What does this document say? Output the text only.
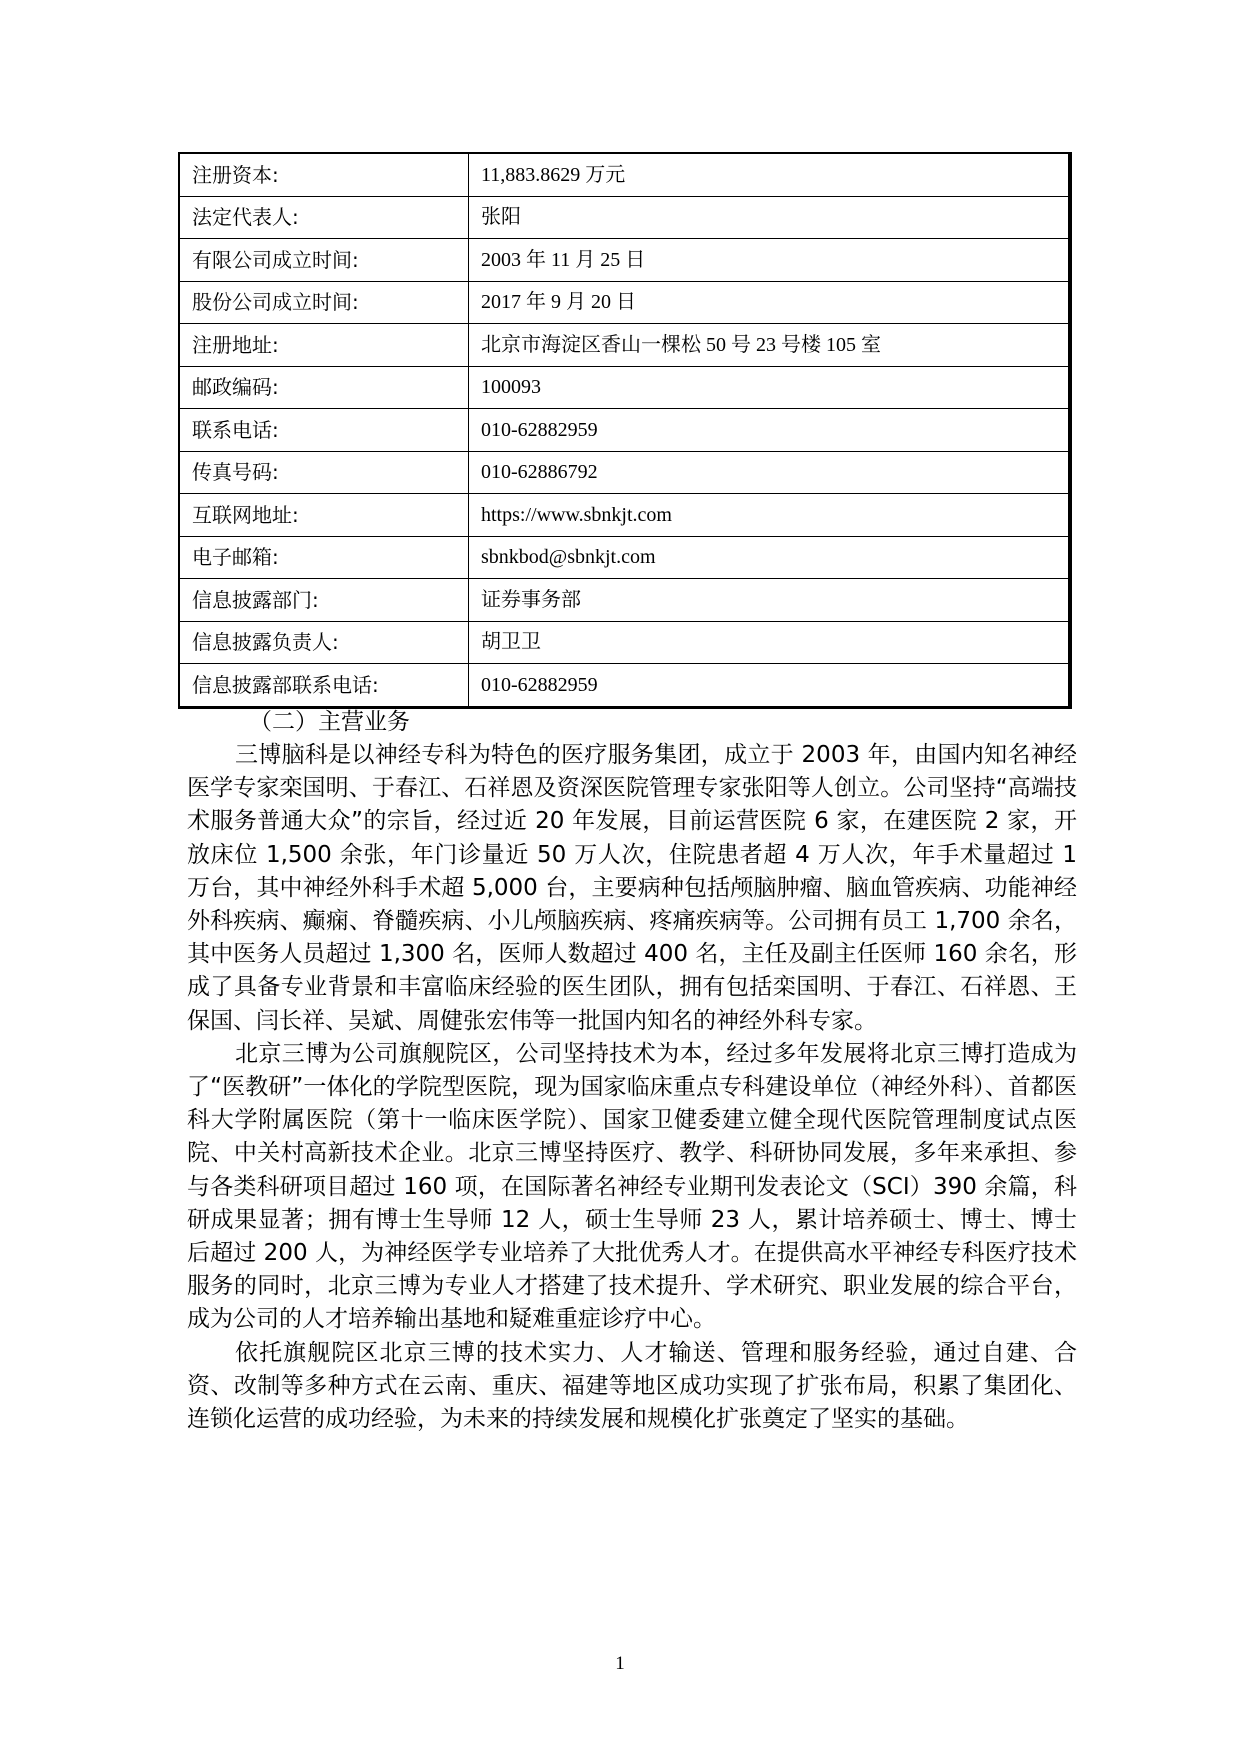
注册资本:	11,883.8629 万元
法定代表人:	张阳
有限公司成立时间:	2003 年 11 月 25 日
股份公司成立时间:	2017 年 9 月 20 日
注册地址:	北京市海淀区香山一棵松 50 号 23 号楼 105 室
邮政编码:	100093
联系电话:	010-62882959
传真号码:	010-62886792
互联网地址:	https://www.sbnkjt.com
电子邮箱:	sbnkbod@sbnkjt.com
信息披露部门:	证券事务部
信息披露负责人:	胡卫卫
信息披露部联系电话:	010-62882959
（二）主营业务

三博脑科是以神经专科为特色的医疗服务集团，成立于 2003 年，由国内知名神经医学专家栾国明、于春江、石祥恩及资深医院管理专家张阳等人创立。公司坚持“高端技术服务普通大众”的宗旨，经过近 20 年发展，目前运营医院 6 家，在建医院 2 家，开放床位 1,500 余张，年门诊量近 50 万人次，住院患者超 4 万人次，年手术量超过 1 万台，其中神经外科手术超 5,000 台，主要病种包括颅脑肿瘤、脑血管疾病、功能神经外科疾病、癫痫、脊髓疾病、小儿颅脑疾病、疼痛疾病等。公司拥有员工 1,700 余名，其中医务人员超过 1,300 名，医师人数超过 400 名，主任及副主任医师 160 余名，形成了具备专业背景和丰富临床经验的医生团队，拥有包括栾国明、于春江、石祥恩、王保国、闫长祥、吴斌、周健张宏伟等一批国内知名的神经外科专家。

北京三博为公司旗舰院区，公司坚持技术为本，经过多年发展将北京三博打造成为了“医教研”一体化的学院型医院，现为国家临床重点专科建设单位（神经外科）、首都医科大学附属医院（第十一临床医学院）、国家卫健委建立健全现代医院管理制度试点医院、中关村高新技术企业。北京三博坚持医疗、教学、科研协同发展，多年来承担、参与各类科研项目超过 160 项，在国际著名神经专业期刊发表论文（SCI）390 余篇，科研成果显著；拥有博士生导师 12 人，硕士生导师 23 人，累计培养硕士、博士、博士后超过 200 人，为神经医学专业培养了大批优秀人才。在提供高水平神经专科医疗技术服务的同时，北京三博为专业人才搭建了技术提升、学术研究、职业发展的综合平台，成为公司的人才培养输出基地和疑难重症诊疗中心。

依托旗舰院区北京三博的技术实力、人才输送、管理和服务经验，通过自建、合资、改制等多种方式在云南、重庆、福建等地区成功实现了扩张布局，积累了集团化、连锁化运营的成功经验，为未来的持续发展和规模化扩张奠定了坚实的基础。

1
